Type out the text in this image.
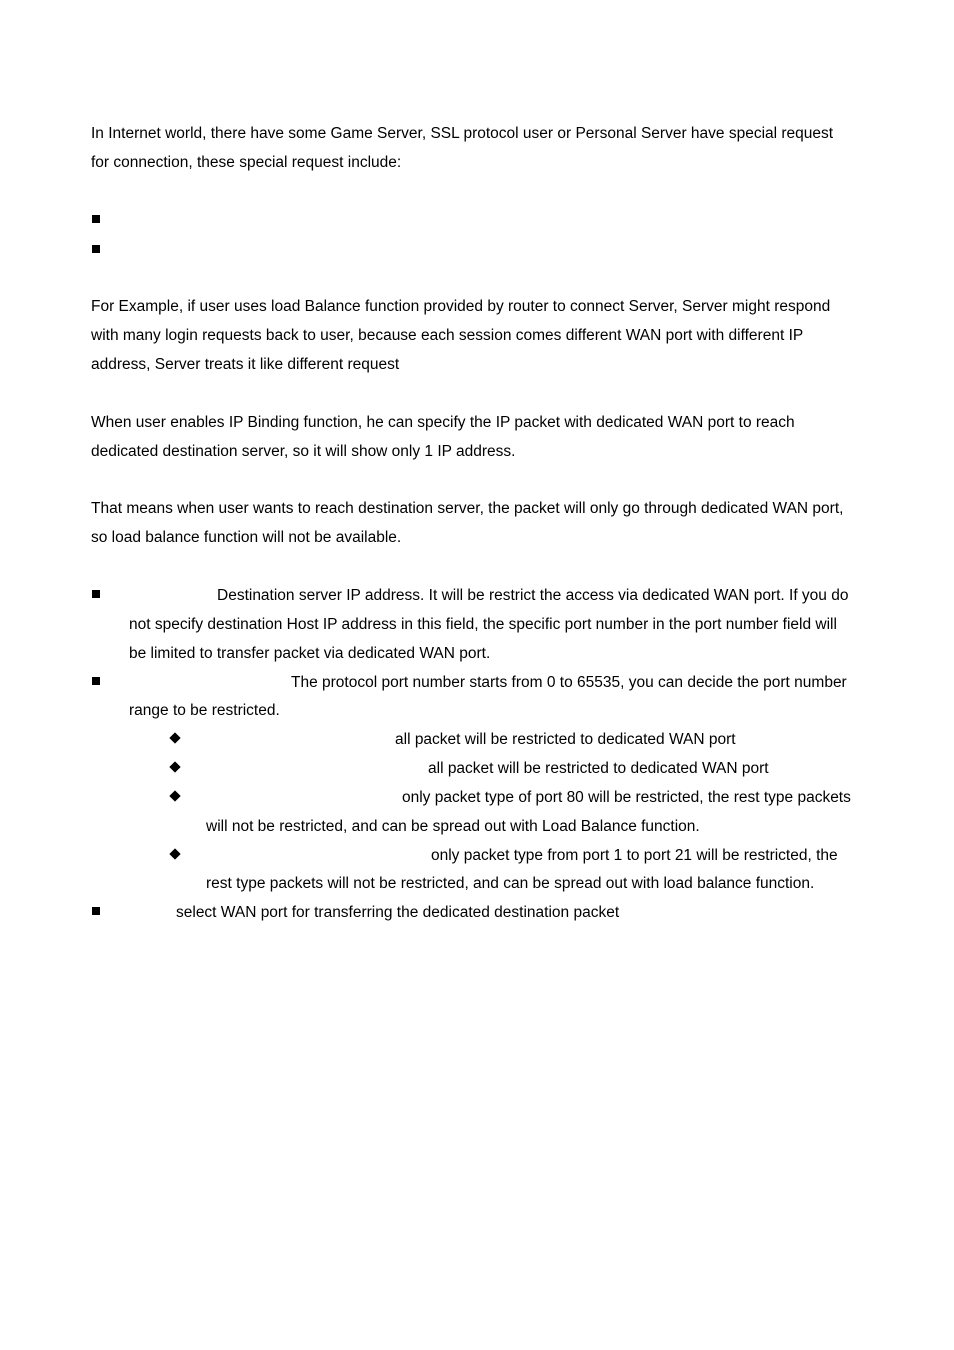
In Internet world, there have some Game Server, SSL protocol user or Personal Server have special request
for connection, these special request include:
For Example, if user uses load Balance function provided by router to connect Server, Server might respond
with many login requests back to user, because each session comes different WAN port with different IP
address, Server treats it like different request
When user enables IP Binding function, he can specify the IP packet with dedicated WAN port to reach
dedicated destination server, so it will show only 1 IP address.
That means when user wants to reach destination server, the packet will only go through dedicated WAN port,
so load balance function will not be available.
Destination server IP address. It will be restrict the access via dedicated WAN port. If you do
not specify destination Host IP address in this field, the specific port number in the port number field will
be limited to transfer packet via dedicated WAN port.
The protocol port number starts from 0 to 65535, you can decide the port number
range to be restricted.
all packet will be restricted to dedicated WAN port
all packet will be restricted to dedicated WAN port
only packet type of port 80 will be restricted, the rest type packets
will not be restricted, and can be spread out with Load Balance function.
only packet type from port 1 to port 21 will be restricted, the
rest type packets will not be restricted, and can be spread out with load balance function.
select WAN port for transferring the dedicated destination packet
